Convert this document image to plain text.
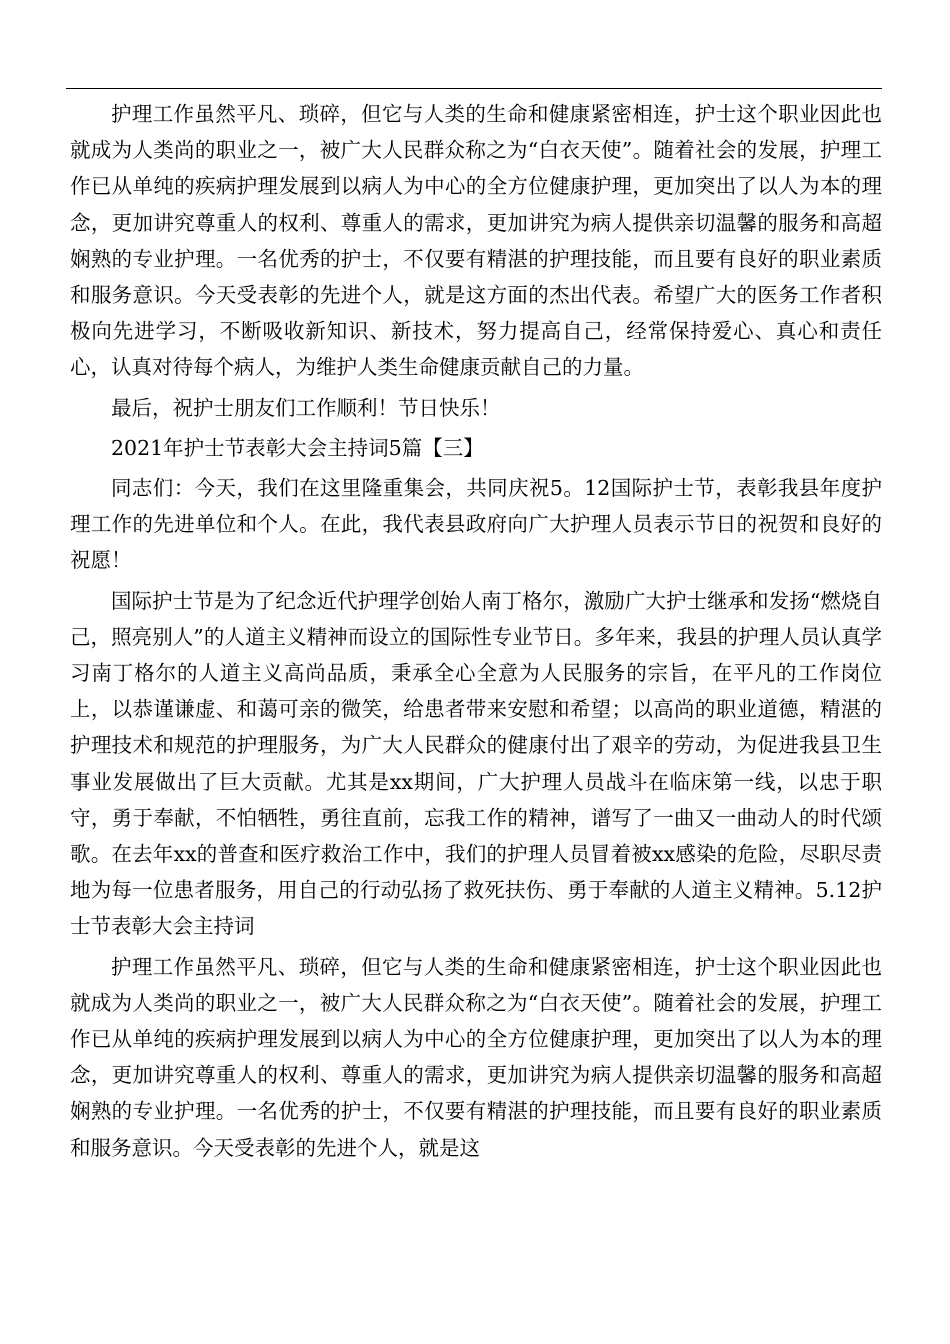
护理工作虽然平凡、琐碎，但它与人类的生命和健康紧密相连，护士这个职业因此也就成为人类尚的职业之一，被广大人民群众称之为“白衣天使”。随着社会的发展，护理工作已从单纯的疾病护理发展到以病人为中心的全方位健康护理，更加突出了以人为本的理念，更加讲究尊重人的权利、尊重人的需求，更加讲究为病人提供亲切温馨的服务和高超娴熟的专业护理。一名优秀的护士，不仅要有精湛的护理技能，而且要有良好的职业素质和服务意识。今天受表彰的先进个人，就是这方面的杰出代表。希望广大的医务工作者积极向先进学习，不断吸收新知识、新技术，努力提高自己，经常保持爱心、真心和责任心，认真对待每个病人，为维护人类生命健康贡献自己的力量。

最后，祝护士朋友们工作顺利！节日快乐！

2021年护士节表彰大会主持词5篇【三】

同志们：今天，我们在这里隆重集会，共同庆祝5。12国际护士节，表彰我县年度护理工作的先进单位和个人。在此，我代表县政府向广大护理人员表示节日的祝贺和良好的祝愿！

国际护士节是为了纪念近代护理学创始人南丁格尔，激励广大护士继承和发扬“燃烧自己，照亮别人”的人道主义精神而设立的国际性专业节日。多年来，我县的护理人员认真学习南丁格尔的人道主义高尚品质，秉承全心全意为人民服务的宗旨，在平凡的工作岗位上，以恭谨谦虚、和蔼可亲的微笑，给患者带来安慰和希望；以高尚的职业道德，精湛的护理技术和规范的护理服务，为广大人民群众的健康付出了艰辛的劳动，为促进我县卫生事业发展做出了巨大贡献。尤其是xx期间，广大护理人员战斗在临床第一线，以忠于职守，勇于奉献，不怕牺牲，勇往直前，忘我工作的精神，谱写了一曲又一曲动人的时代颂歌。在去年xx的普查和医疗救治工作中，我们的护理人员冒着被xx感染的危险，尽职尽责地为每一位患者服务，用自己的行动弘扬了救死扶伤、勇于奉献的人道主义精神。5.12护士节表彰大会主持词

护理工作虽然平凡、琐碎，但它与人类的生命和健康紧密相连，护士这个职业因此也就成为人类尚的职业之一，被广大人民群众称之为“白衣天使”。随着社会的发展，护理工作已从单纯的疾病护理发展到以病人为中心的全方位健康护理，更加突出了以人为本的理念，更加讲究尊重人的权利、尊重人的需求，更加讲究为病人提供亲切温馨的服务和高超娴熟的专业护理。一名优秀的护士，不仅要有精湛的护理技能，而且要有良好的职业素质和服务意识。今天受表彰的先进个人，就是这
